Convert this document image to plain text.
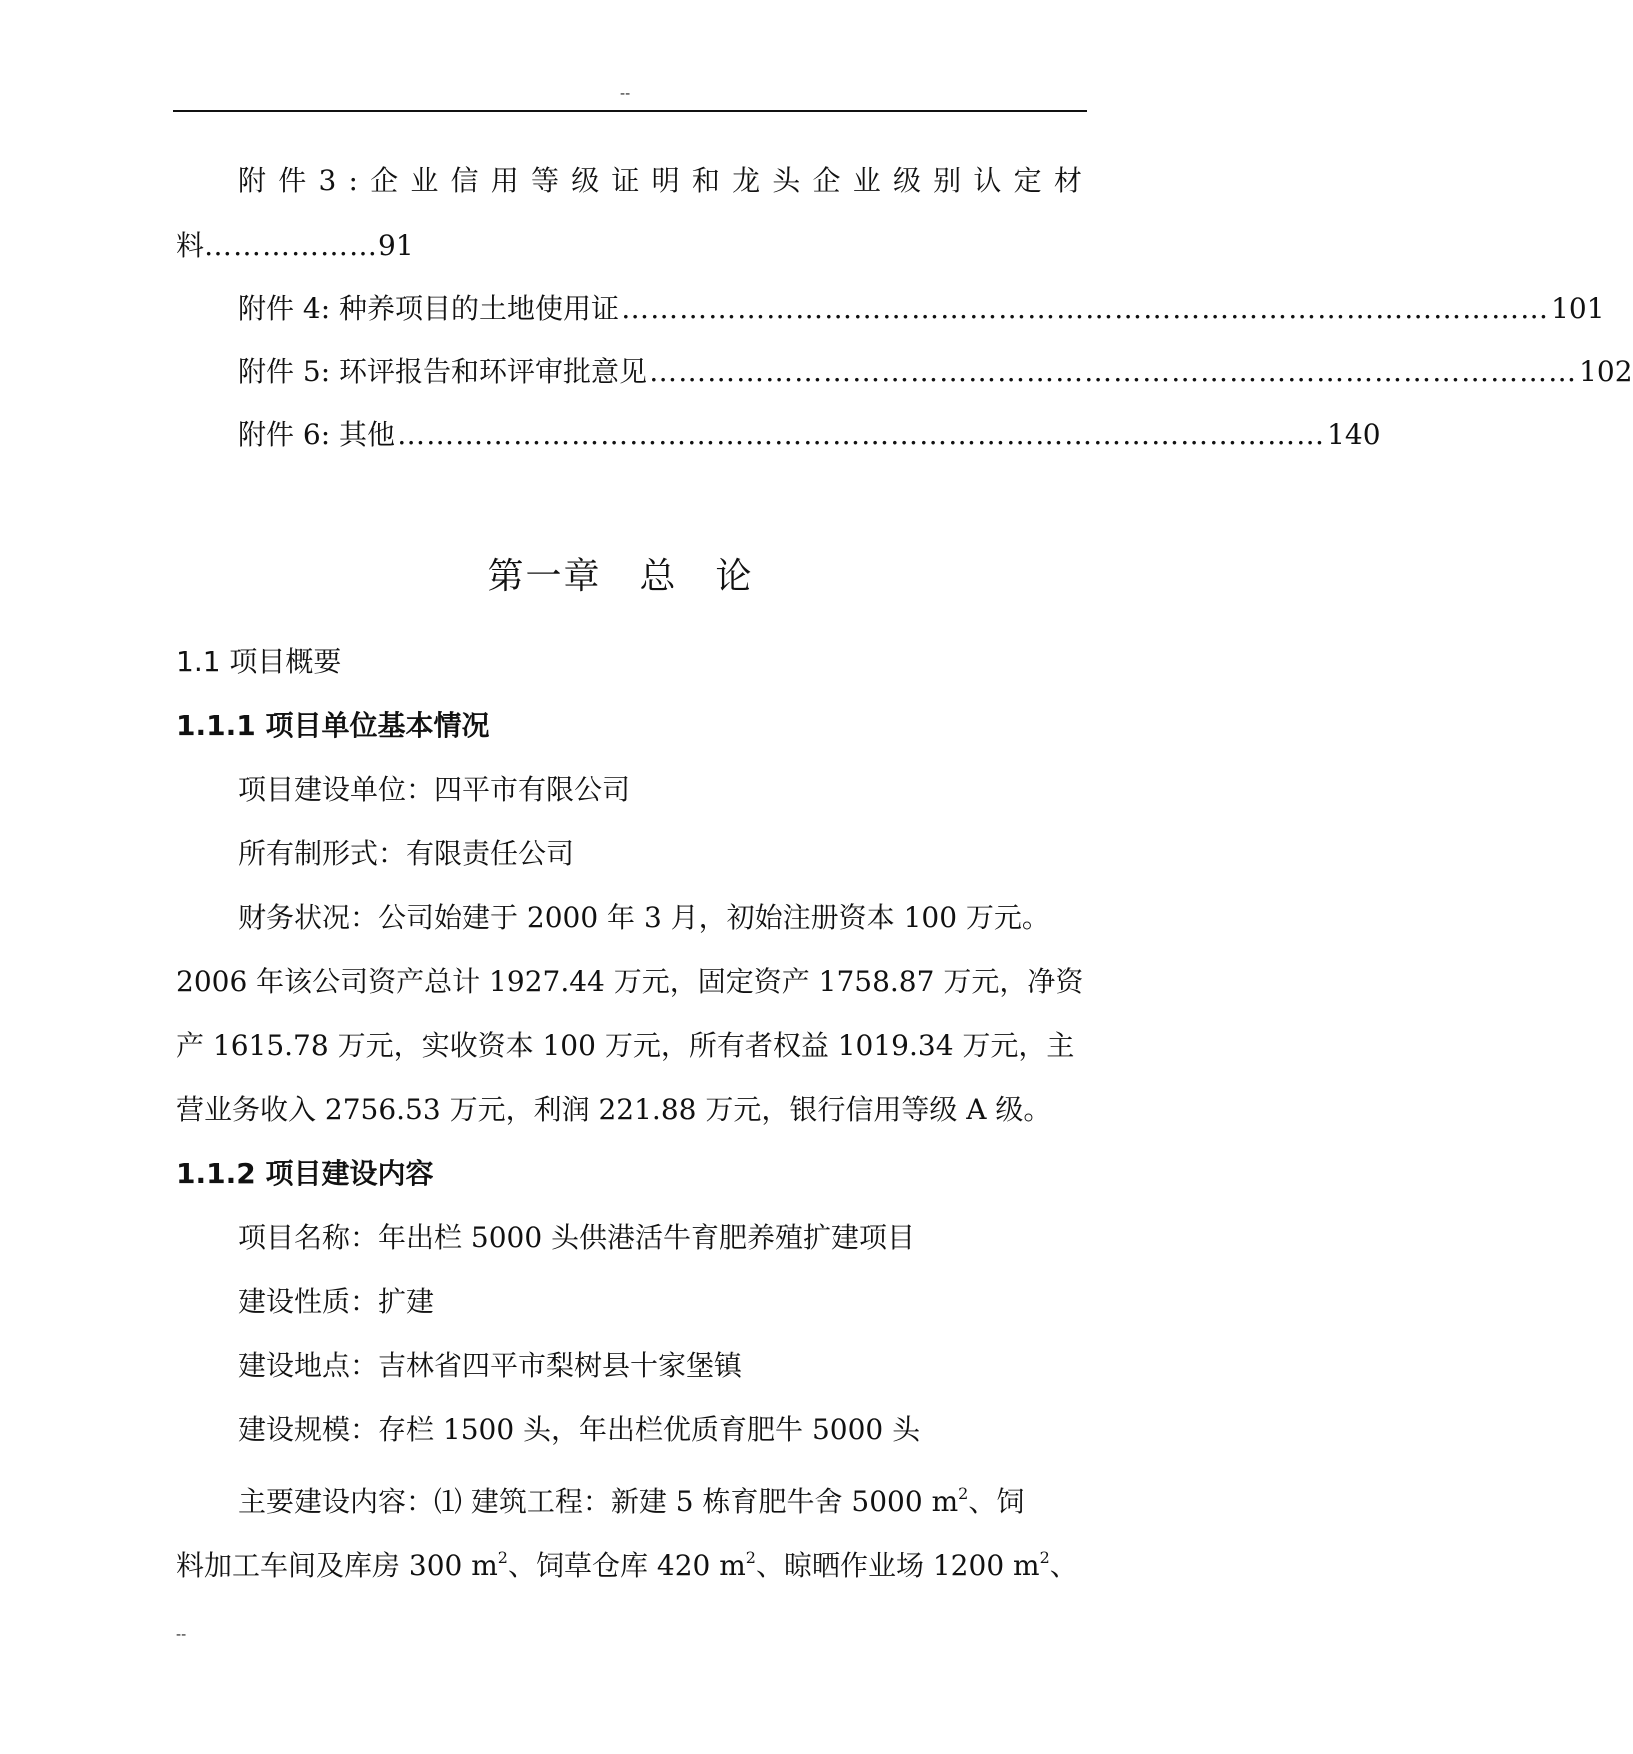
--
附 件 3 : 企 业 信 用 等 级 证 明 和 龙 头 企 业 级 别 认 定 材
料………………91
附件 4: 种养项目的土地使用证 …………………………………………………………………………………… 101
附件 5: 环评报告和环评审批意见 …………………………………………………………………………………… 102
附件 6: 其他 …………………………………………………………………………………… 140
第一章　总　论
1.1 项目概要
1.1.1 项目单位基本情况
项目建设单位：四平市有限公司
所有制形式：有限责任公司
财务状况：公司始建于 2000 年 3 月，初始注册资本 100 万元。
2006 年该公司资产总计 1927.44 万元，固定资产 1758.87 万元，净资
产 1615.78 万元，实收资本 100 万元，所有者权益 1019.34 万元，主
营业务收入 2756.53 万元，利润 221.88 万元，银行信用等级 A 级。
1.1.2 项目建设内容
项目名称：年出栏 5000 头供港活牛育肥养殖扩建项目
建设性质：扩建
建设地点：吉林省四平市梨树县十家堡镇
建设规模：存栏 1500 头，年出栏优质育肥牛 5000 头
主要建设内容：⑴ 建筑工程：新建 5 栋育肥牛舍 5000 $m^2$、饲
料加工车间及库房 300 $m^2$、饲草仓库 420 $m^2$、晾晒作业场 1200 $m^2$、
--
